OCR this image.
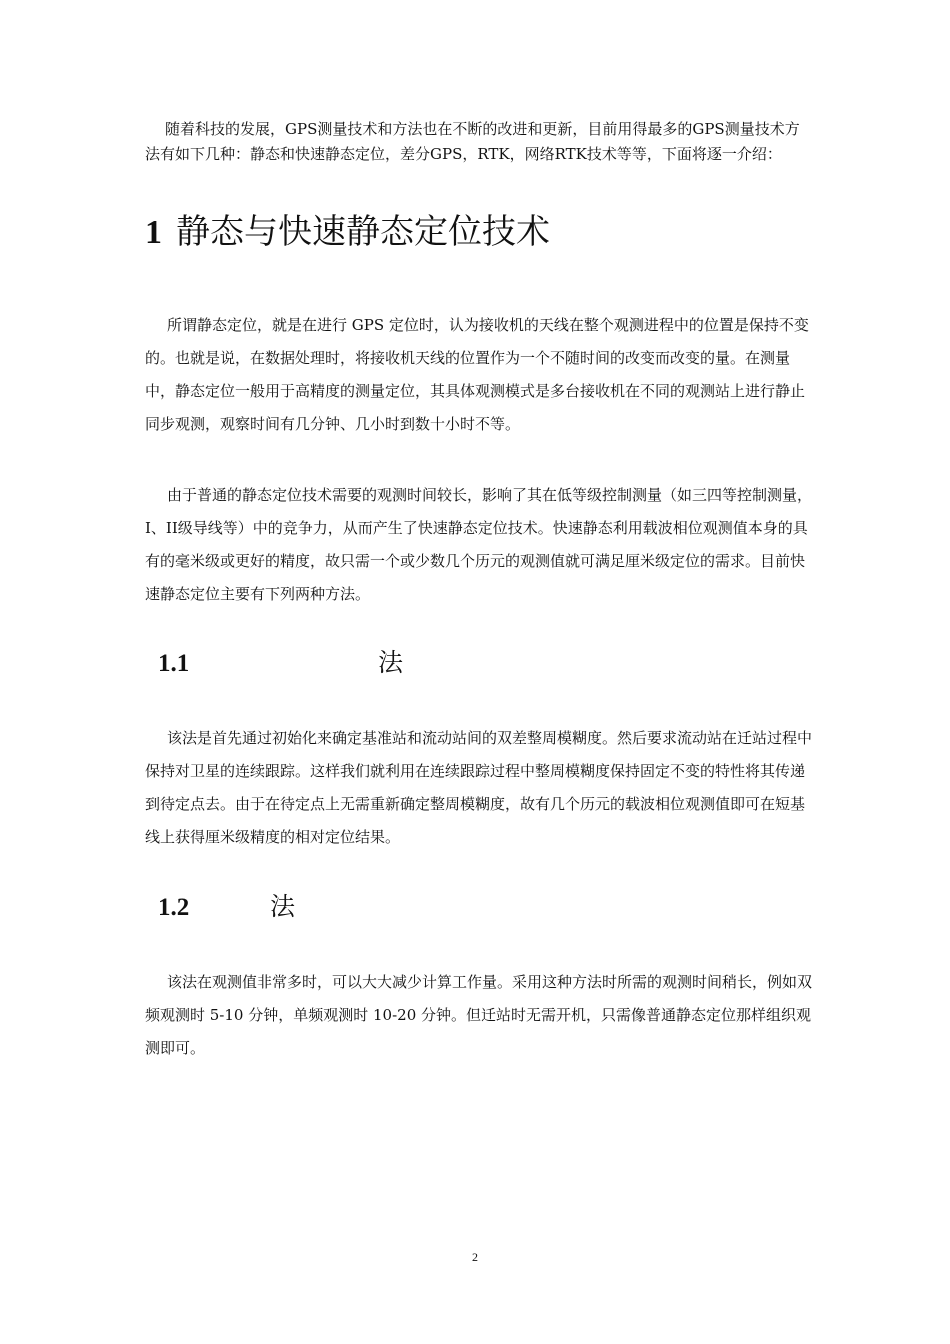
随着科技的发展，GPS测量技术和方法也在不断的改进和更新，目前用得最多的GPS测量技术方法有如下几种：静态和快速静态定位，差分GPS，RTK，网络RTK技术等等，下面将逐一介绍：

1 静态与快速静态定位技术

所谓静态定位，就是在进行 GPS 定位时，认为接收机的天线在整个观测进程中的位置是保持不变的。也就是说，在数据处理时，将接收机天线的位置作为一个不随时间的改变而改变的量。在测量中，静态定位一般用于高精度的测量定位，其具体观测模式是多台接收机在不同的观测站上进行静止同步观测，观察时间有几分钟、几小时到数十小时不等。

由于普通的静态定位技术需要的观测时间较长，影响了其在低等级控制测量（如三四等控制测量，I、II级导线等）中的竞争力，从而产生了快速静态定位技术。快速静态利用载波相位观测值本身的具有的毫米级或更好的精度，故只需一个或少数几个历元的观测值就可满足厘米级定位的需求。目前快速静态定位主要有下列两种方法。

1.1	法

该法是首先通过初始化来确定基准站和流动站间的双差整周模糊度。然后要求流动站在迁站过程中保持对卫星的连续跟踪。这样我们就利用在连续跟踪过程中整周模糊度保持固定不变的特性将其传递到待定点去。由于在待定点上无需重新确定整周模糊度，故有几个历元的载波相位观测值即可在短基线上获得厘米级精度的相对定位结果。

1.2	法

该法在观测值非常多时，可以大大减少计算工作量。采用这种方法时所需的观测时间稍长，例如双频观测时 5-10 分钟，单频观测时 10-20 分钟。但迁站时无需开机，只需像普通静态定位那样组织观测即可。

2
